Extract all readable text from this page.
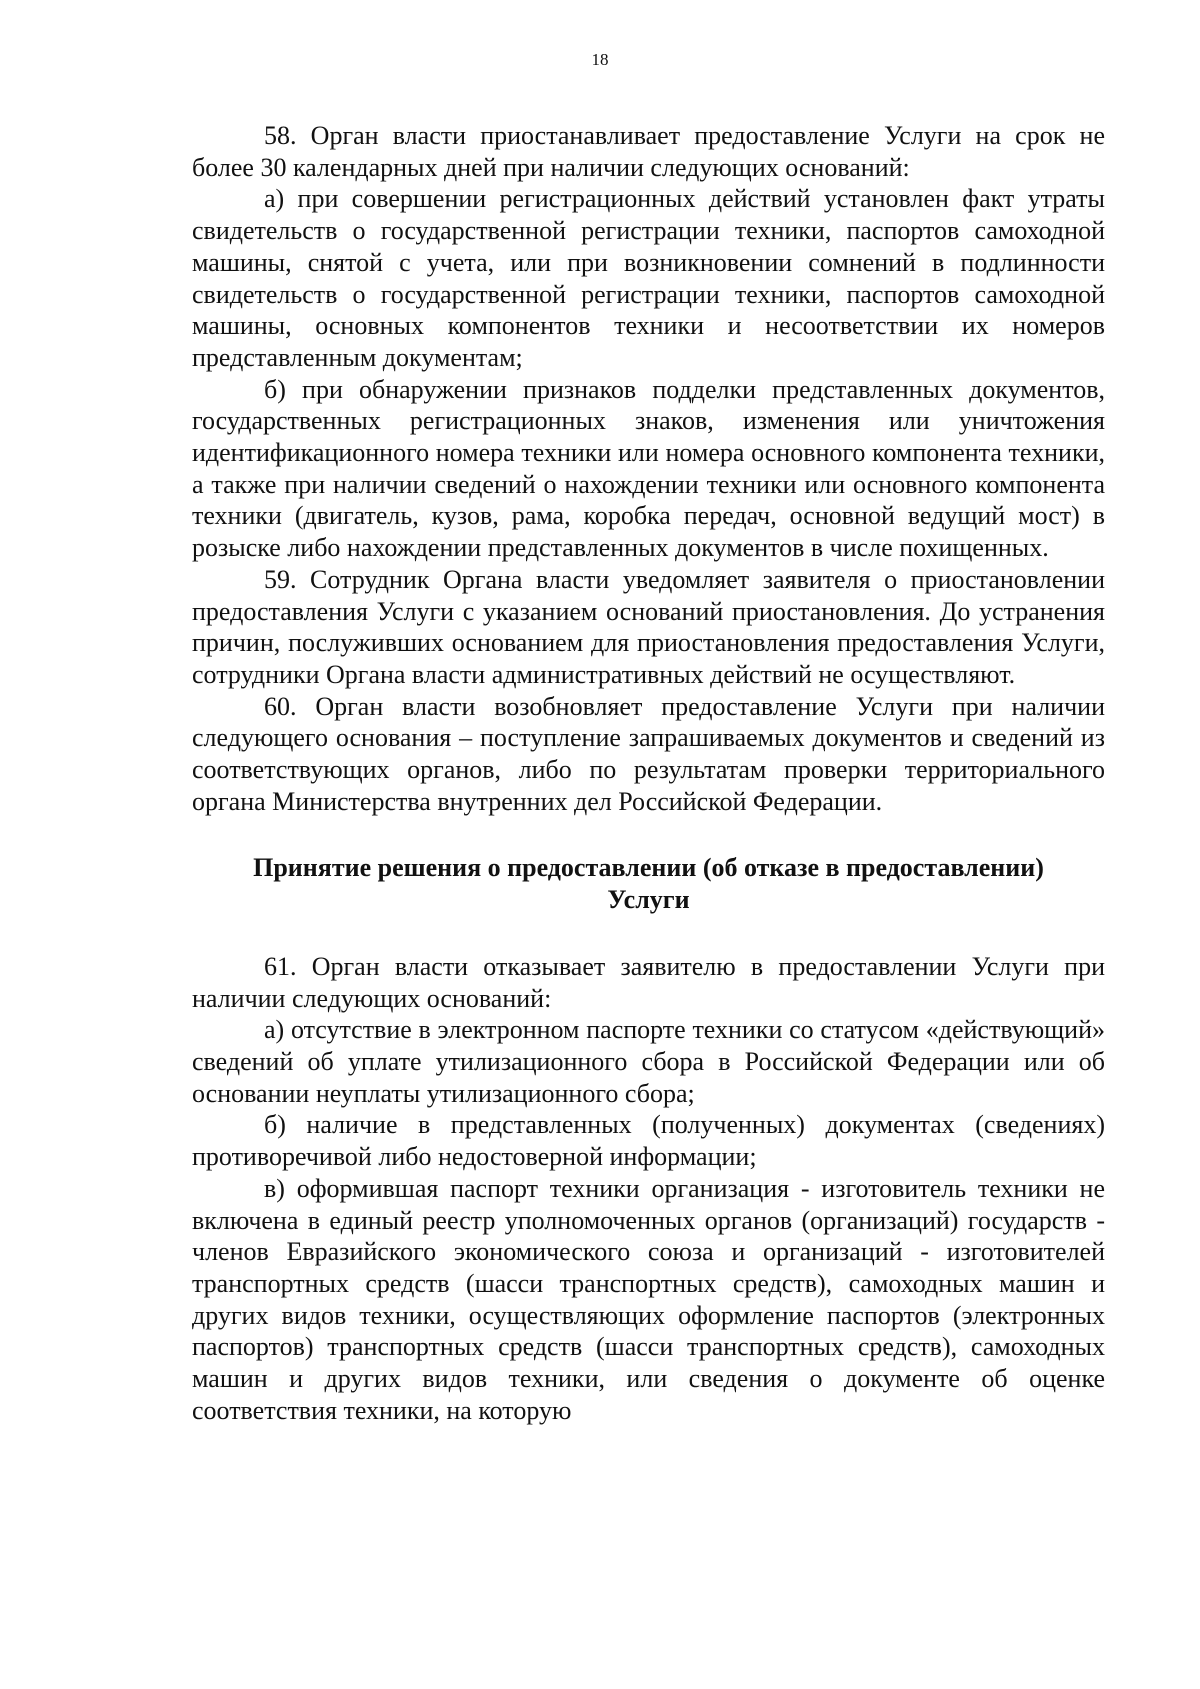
18

58. Орган власти приостанавливает предоставление Услуги на срок не более 30 календарных дней при наличии следующих оснований:

а) при совершении регистрационных действий установлен факт утраты свидетельств о государственной регистрации техники, паспортов самоходной машины, снятой с учета, или при возникновении сомнений в подлинности свидетельств о государственной регистрации техники, паспортов самоходной машины, основных компонентов техники и несоответствии их номеров представленным документам;

б) при обнаружении признаков подделки представленных документов, государственных регистрационных знаков, изменения или уничтожения идентификационного номера техники или номера основного компонента техники, а также при наличии сведений о нахождении техники или основного компонента техники (двигатель, кузов, рама, коробка передач, основной ведущий мост) в розыске либо нахождении представленных документов в числе похищенных.

59. Сотрудник Органа власти уведомляет заявителя о приостановлении предоставления Услуги с указанием оснований приостановления. До устранения причин, послуживших основанием для приостановления предоставления Услуги, сотрудники Органа власти административных действий не осуществляют.

60. Орган власти возобновляет предоставление Услуги при наличии следующего основания – поступление запрашиваемых документов и сведений из соответствующих органов, либо по результатам проверки территориального органа Министерства внутренних дел Российской Федерации.

Принятие решения о предоставлении (об отказе в предоставлении)
Услуги

61. Орган власти отказывает заявителю в предоставлении Услуги при наличии следующих оснований:

а) отсутствие в электронном паспорте техники со статусом «действующий» сведений об уплате утилизационного сбора в Российской Федерации или об основании неуплаты утилизационного сбора;

б) наличие в представленных (полученных) документах (сведениях) противоречивой либо недостоверной информации;

в) оформившая паспорт техники организация - изготовитель техники не включена в единый реестр уполномоченных органов (организаций) государств - членов Евразийского экономического союза и организаций - изготовителей транспортных средств (шасси транспортных средств), самоходных машин и других видов техники, осуществляющих оформление паспортов (электронных паспортов) транспортных средств (шасси транспортных средств), самоходных машин и других видов техники, или сведения о документе об оценке соответствия техники, на которую
